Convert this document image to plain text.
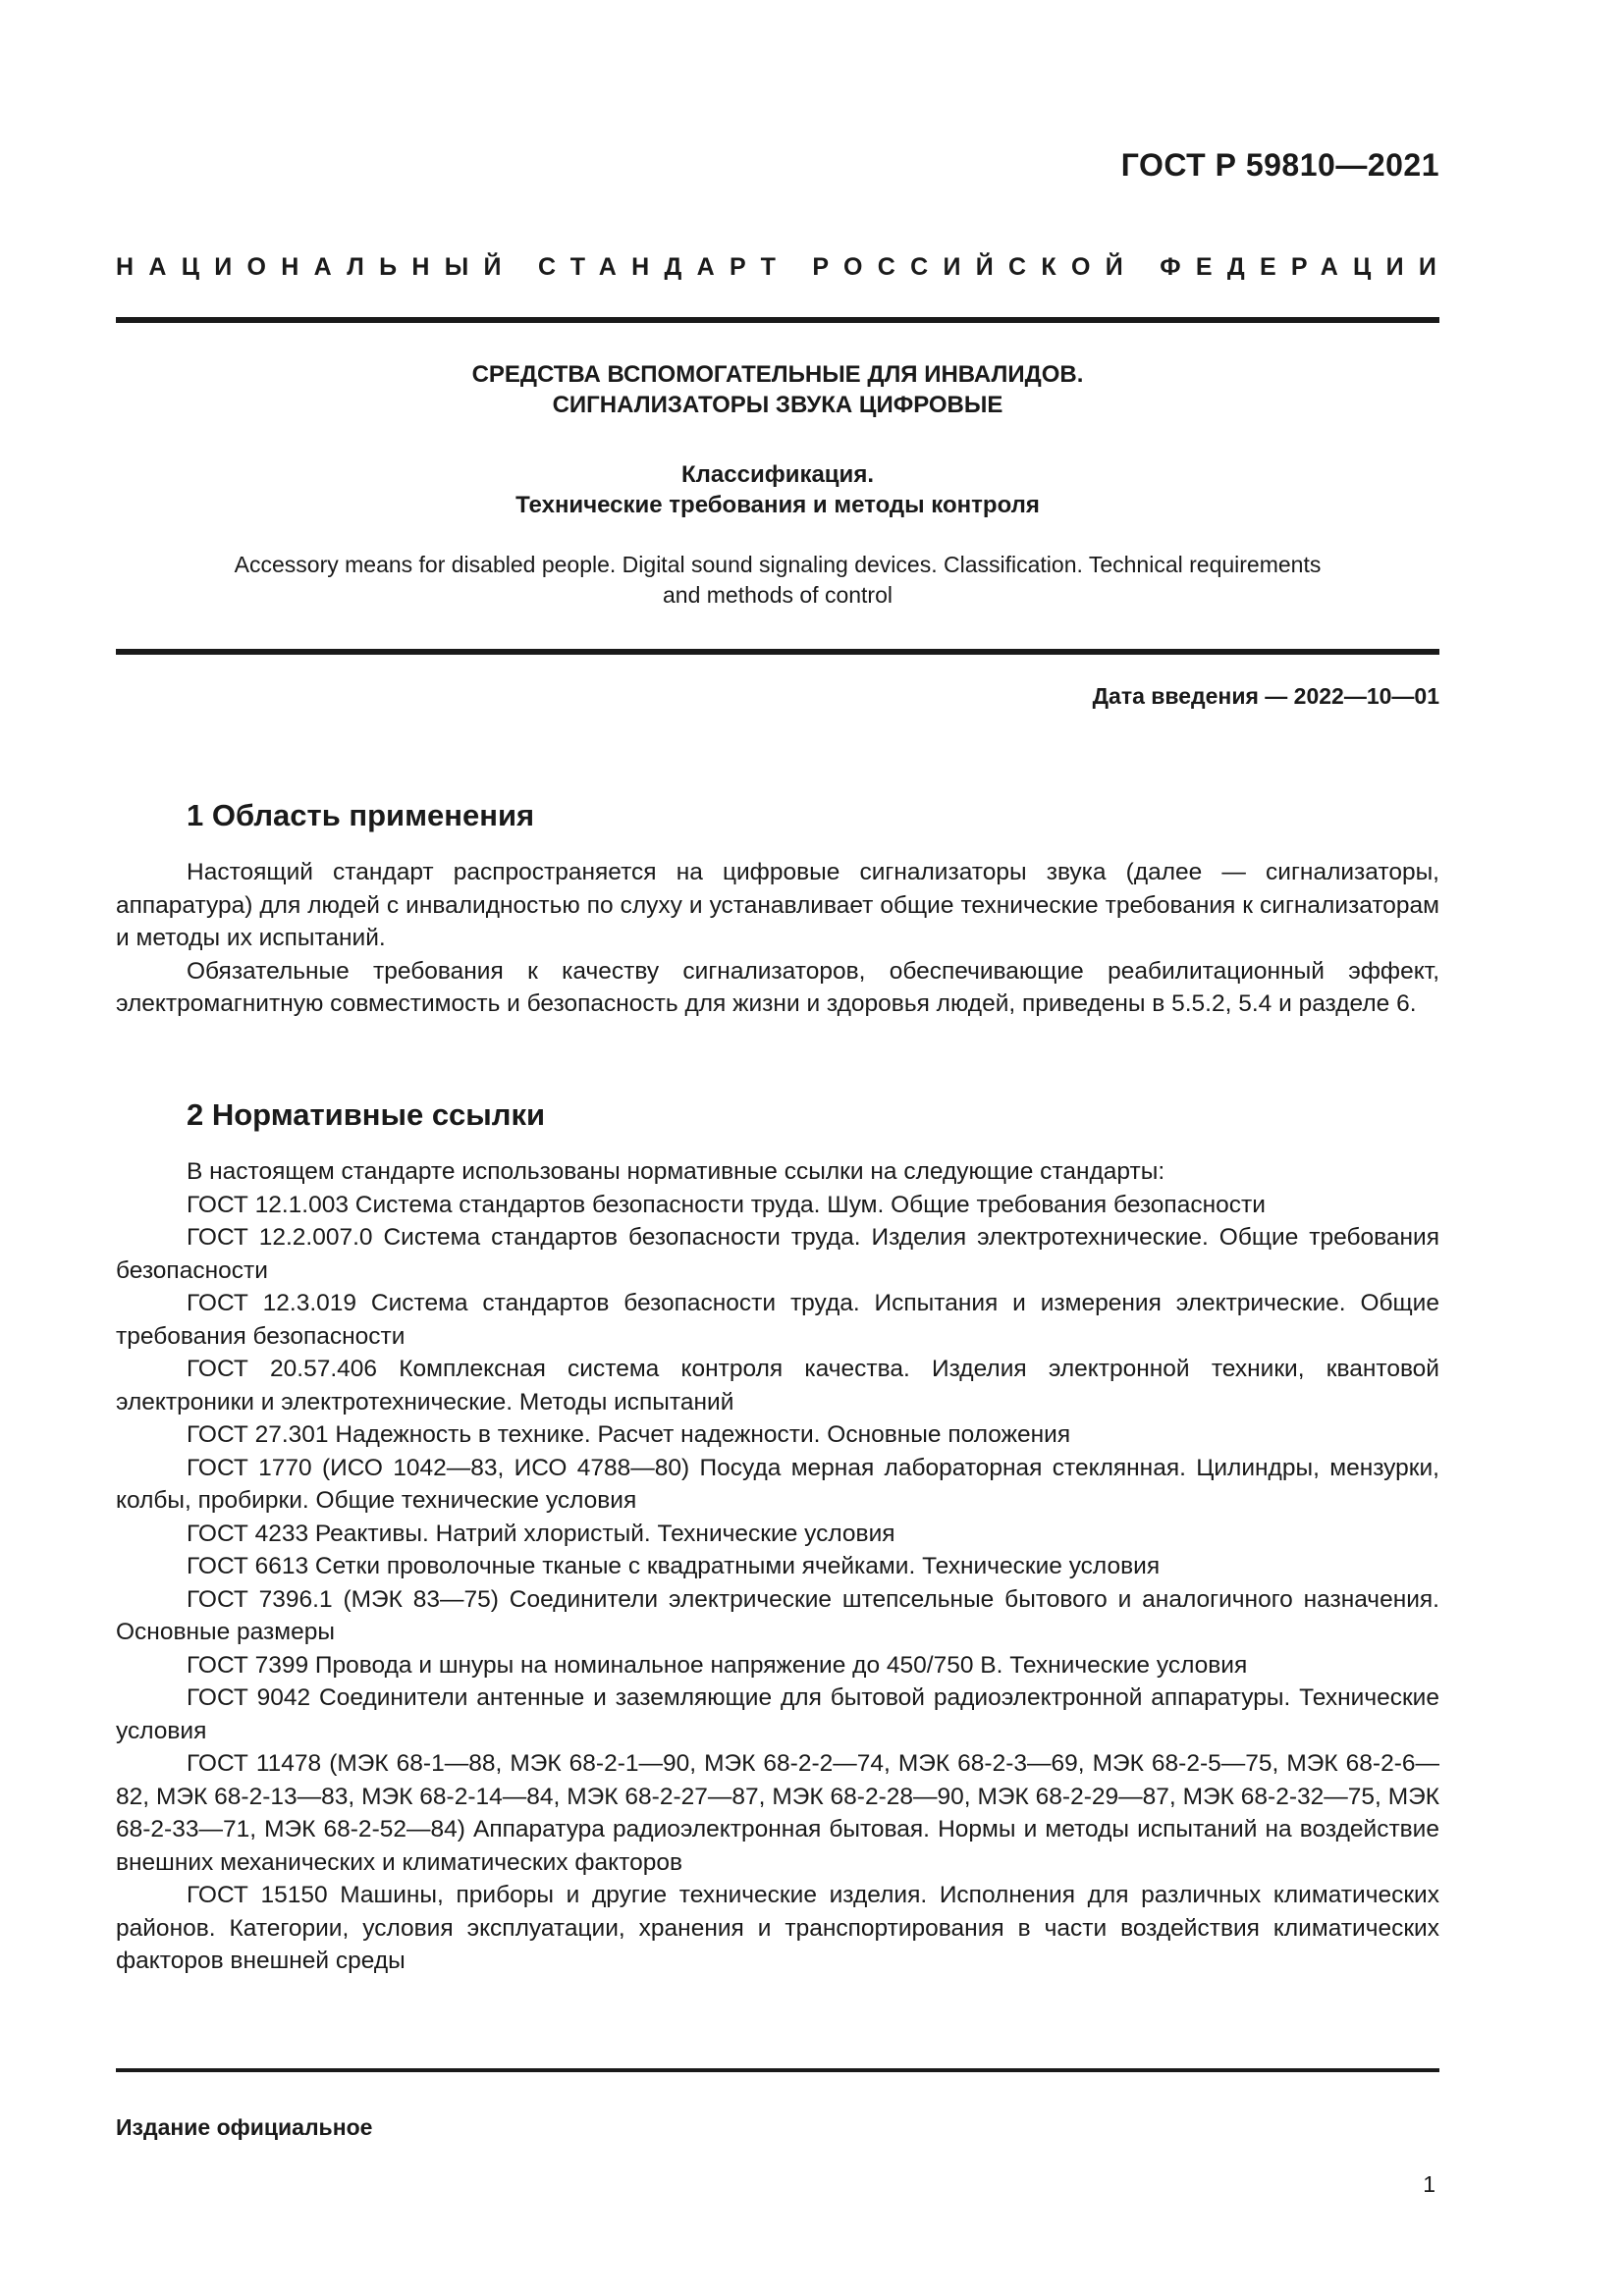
ГОСТ Р 59810—2021
НАЦИОНАЛЬНЫЙ СТАНДАРТ РОССИЙСКОЙ ФЕДЕРАЦИИ
СРЕДСТВА ВСПОМОГАТЕЛЬНЫЕ ДЛЯ ИНВАЛИДОВ.
СИГНАЛИЗАТОРЫ ЗВУКА ЦИФРОВЫЕ
Классификация.
Технические требования и методы контроля
Accessory means for disabled people. Digital sound signaling devices. Classification. Technical requirements
and methods of control
Дата введения — 2022—10—01
1 Область применения

Настоящий стандарт распространяется на цифровые сигнализаторы звука (далее — сигнализаторы, аппаратура) для людей с инвалидностью по слуху и устанавливает общие технические требования к сигнализаторам и методы их испытаний.

Обязательные требования к качеству сигнализаторов, обеспечивающие реабилитационный эффект, электромагнитную совместимость и безопасность для жизни и здоровья людей, приведены в 5.5.2, 5.4 и разделе 6.

2 Нормативные ссылки

В настоящем стандарте использованы нормативные ссылки на следующие стандарты:

ГОСТ 12.1.003 Система стандартов безопасности труда. Шум. Общие требования безопасности

ГОСТ 12.2.007.0 Система стандартов безопасности труда. Изделия электротехнические. Общие требования безопасности

ГОСТ 12.3.019 Система стандартов безопасности труда. Испытания и измерения электрические. Общие требования безопасности

ГОСТ 20.57.406 Комплексная система контроля качества. Изделия электронной техники, квантовой электроники и электротехнические. Методы испытаний

ГОСТ 27.301 Надежность в технике. Расчет надежности. Основные положения

ГОСТ 1770 (ИСО 1042—83, ИСО 4788—80) Посуда мерная лабораторная стеклянная. Цилиндры, мензурки, колбы, пробирки. Общие технические условия

ГОСТ 4233 Реактивы. Натрий хлористый. Технические условия

ГОСТ 6613 Сетки проволочные тканые с квадратными ячейками. Технические условия

ГОСТ 7396.1 (МЭК 83—75) Соединители электрические штепсельные бытового и аналогичного назначения. Основные размеры

ГОСТ 7399 Провода и шнуры на номинальное напряжение до 450/750 В. Технические условия

ГОСТ 9042 Соединители антенные и заземляющие для бытовой радиоэлектронной аппаратуры. Технические условия

ГОСТ 11478 (МЭК 68-1—88, МЭК 68-2-1—90, МЭК 68-2-2—74, МЭК 68-2-3—69, МЭК 68-2-5—75, МЭК 68-2-6—82, МЭК 68-2-13—83, МЭК 68-2-14—84, МЭК 68-2-27—87, МЭК 68-2-28—90, МЭК 68-2-29—87, МЭК 68-2-32—75, МЭК 68-2-33—71, МЭК 68-2-52—84) Аппаратура радиоэлектронная бытовая. Нормы и методы испытаний на воздействие внешних механических и климатических факторов

ГОСТ 15150 Машины, приборы и другие технические изделия. Исполнения для различных климатических районов. Категории, условия эксплуатации, хранения и транспортирования в части воздействия климатических факторов внешней среды

Издание официальное
1
